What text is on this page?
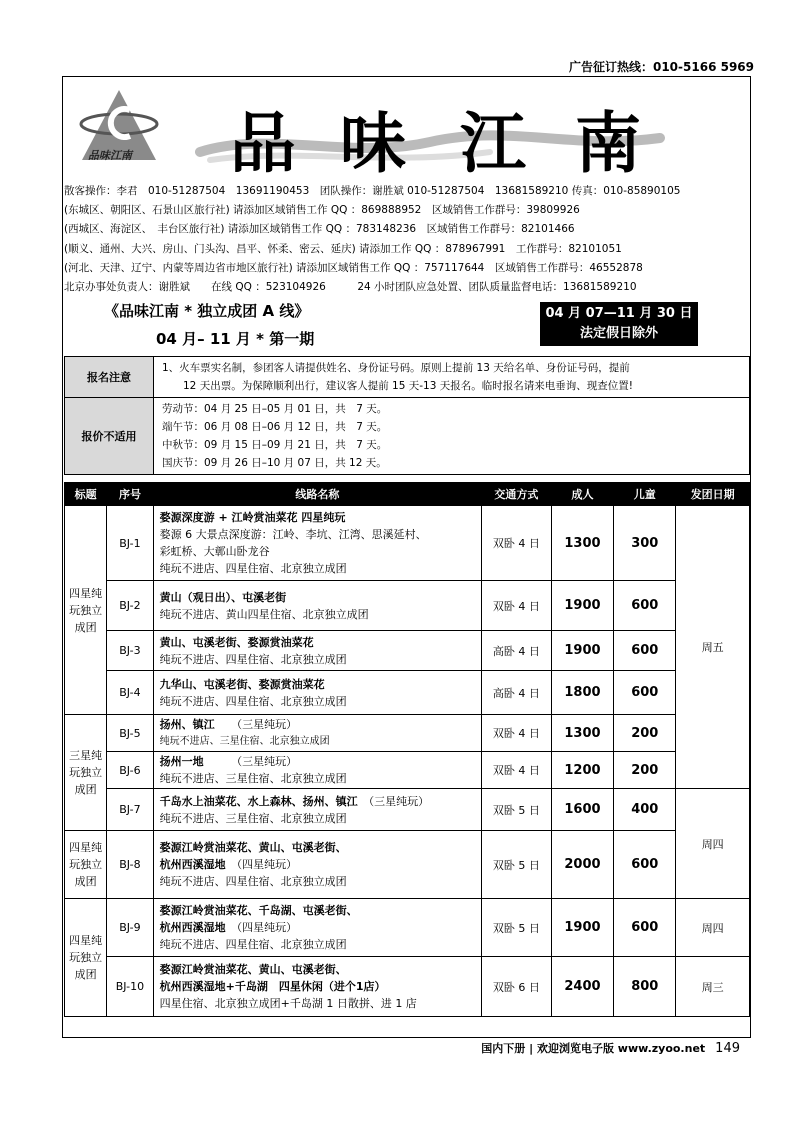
广告征订热线：010-5166 5969
品味江南 品 味 江 南
散客操作：李君　010-51287504　13691190453　团队操作：谢胜斌 010-51287504　13681589210 传真：010-85890105
(东城区、朝阳区、石景山区旅行社) 请添加区域销售工作 QQ ：869888952　区域销售工作群号：39809926
(西城区、海淀区、　丰台区旅行社) 请添加区域销售工作 QQ ：783148236　区域销售工作群号：82101466
(顺义、通州、大兴、房山、门头沟、昌平、怀柔、密云、延庆) 请添加工作 QQ ：878967991　工作群号：82101051
(河北、天津、辽宁、内蒙等周边省市地区旅行社) 请添加区域销售工作 QQ ：757117644　区域销售工作群号：46552878
北京办事处负责人：谢胜斌　　在线 QQ ：523104926　　　24 小时团队应急处置、团队质量监督电话：13681589210
《品味江南 * 独立成团 A 线》
04 月– 11 月 * 第一期
04 月 07—11 月 30 日
法定假日除外
报名注意	1、火车票实名制，参团客人请提供姓名、身份证号码。原则上提前 13 天给名单、身份证号码，提前
　　12 天出票。为保障顺利出行，建议客人提前 15 天-13 天报名。临时报名请来电垂询、现查位置!

报价不适用	劳动节：04 月 25 日–05 月 01 日，共　7 天。
端午节：06 月 08 日–06 月 12 日，共　7 天。
中秋节：09 月 15 日–09 月 21 日，共　7 天。
国庆节：09 月 26 日–10 月 07 日，共 12 天。
标题	序号	线路名称	交通方式	成人	儿童	发团日期
四星纯玩独立成团	BJ-1	婺源深度游 + 江岭赏油菜花 四星纯玩
婺源 6 大景点深度游：江岭、李坑、江湾、思溪延村、
彩虹桥、大鄣山卧龙谷
纯玩不进店、四星住宿、北京独立成团	双卧 4 日	1300	300	周五
	BJ-2	黄山（观日出）、屯溪老街
纯玩不进店、黄山四星住宿、北京独立成团	双卧 4 日	1900	600	
	BJ-3	黄山、屯溪老街、婺源赏油菜花
纯玩不进店、四星住宿、北京独立成团	高卧 4 日	1900	600	
	BJ-4	九华山、屯溪老街、婺源赏油菜花
纯玩不进店、四星住宿、北京独立成团	高卧 4 日	1800	600	
三星纯玩独立成团	BJ-5	扬州、镇江　　 （三星纯玩）
纯玩不进店、三星住宿、北京独立成团	双卧 4 日	1300	200	
	BJ-6	扬州一地　　　 （三星纯玩）
纯玩不进店、三星住宿、北京独立成团	双卧 4 日	1200	200	
	BJ-7	千岛水上油菜花、水上森林、扬州、镇江　 （三星纯玩）
纯玩不进店、三星住宿、北京独立成团	双卧 5 日	1600	400	周四
四星纯玩独立成团	BJ-8	婺源江岭赏油菜花、黄山、屯溪老街、
杭州西溪湿地　 （四星纯玩）
纯玩不进店、四星住宿、北京独立成团	双卧 5 日	2000	600	
四星纯玩独立成团	BJ-9	婺源江岭赏油菜花、千岛湖、屯溪老街、
杭州西溪湿地　 （四星纯玩）
纯玩不进店、四星住宿、北京独立成团	双卧 5 日	1900	600	周四
	BJ-10	婺源江岭赏油菜花、黄山、屯溪老街、
杭州西溪湿地+千岛湖　 四星休闲（进个1店）
四星住宿、北京独立成团+千岛湖 1 日散拼、进 1 店	双卧 6 日	2400	800	周三
国内下册 | 欢迎浏览电子版 www.zyoo.net 149
